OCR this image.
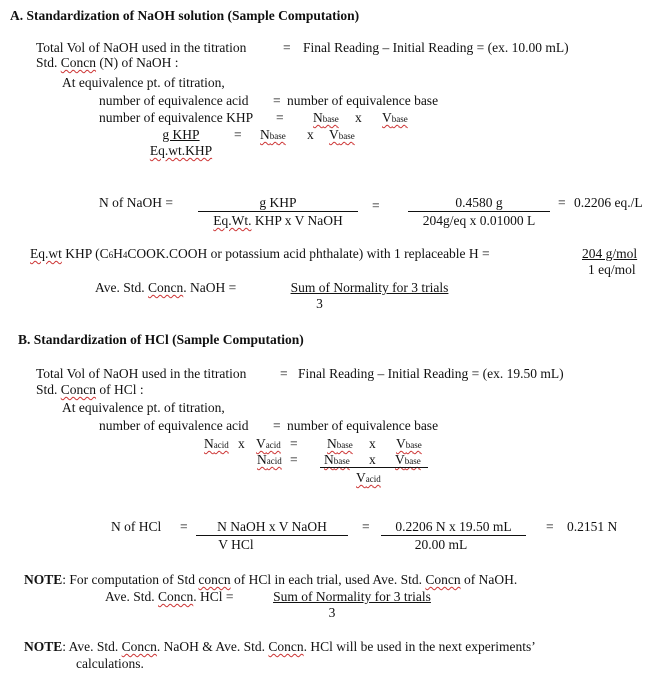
A. Standardization of NaOH solution (Sample Computation)
Total Vol of NaOH used in the titration	= Final Reading – Initial Reading = (ex. 10.00 mL)
Std. Concn (N) of NaOH :
At equivalence pt. of titration,
number of equivalence acid = number of equivalence base
number of equivalence KHP = Nbase x Vbase
g KHP
Eq.wt.KHP
= Nbase x Vbase
N of NaOH =	g KHP
Eq.Wt. KHP x V NaOH
=	0.4580 g
204g/eq x 0.01000 L
= 0.2206 eq./L
Eq.wt KHP (C6H4COOK.COOH or potassium acid phthalate) with 1 replaceable H =	204 g/mol
1 eq/mol
Ave. Std. Concn. NaOH =	Sum of Normality for 3 trials
3
B. Standardization of HCl (Sample Computation)
Total Vol of NaOH used in the titration = Final Reading – Initial Reading = (ex. 19.50 mL)
Std. Concn of HCl :
At equivalence pt. of titration,
number of equivalence acid = number of equivalence base
Nacid x Vacid = Nbase x Vbase
Nacid = Nbase x Vbase
Vacid
N of HCl =	N NaOH x V NaOH
V HCl
=	0.2206 N x 19.50 mL
20.00 mL
= 0.2151 N
NOTE: For computation of Std concn of HCl in each trial, used Ave. Std. Concn of NaOH.
Ave. Std. Concn. HCl =	Sum of Normality for 3 trials
3
NOTE: Ave. Std. Concn. NaOH & Ave. Std. Concn. HCl will be used in the next experiments’
calculations.
